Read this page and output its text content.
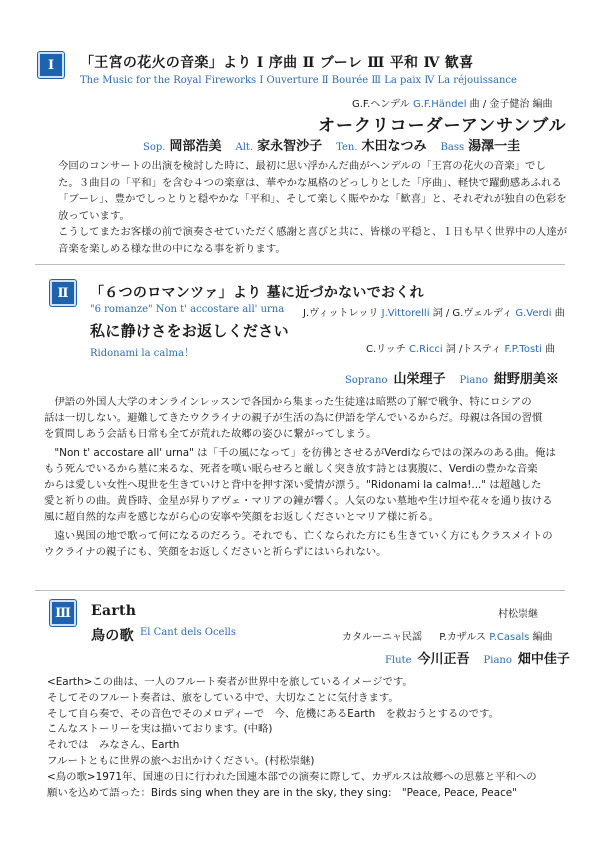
Ⅰ	「王宮の花火の音楽」より Ⅰ 序曲 Ⅱ ブーレ Ⅲ 平和 Ⅳ 歓喜
The Music for the Royal Fireworks Ⅰ Ouverture Ⅱ Bourée Ⅲ La paix Ⅳ La réjouissance
G.F.ヘンデル G.F.Händel 曲 / 金子健治 編曲
オークリコーダーアンサンブル
Sop. 岡部浩美 Alt. 家永智沙子 Ten. 木田なつみ Bass 湯澤一圭

今回のコンサートの出演を検討した時に、最初に思い浮かんだ曲がヘンデルの「王宮の花火の音楽」でし

た。３曲目の「平和」を含む４つの楽章は、華やかな風格のどっしりとした「序曲」、軽快で躍動感あふれる

「ブーレ」、豊かでしっとりと穏やかな「平和」、そして楽しく賑やかな「歓喜」と、それぞれが独自の色彩を

放っています。

こうしてまたお客様の前で演奏させていただく感謝と喜びと共に、皆様の平穏と、１日も早く世界中の人達が

音楽を楽しめる様な世の中になる事を祈ります。

Ⅱ	「６つのロマンツァ」より 墓に近づかないでおくれ
"6 romanze" Non t' accostare all' urna J.ヴィットレッリ J.Vittorelli 詞 / G.ヴェルディ G.Verdi 曲
私に静けさをお返しください
Ridonami la calma！	C.リッチ C.Ricci 詞 /トスティ F.P.Tosti 曲
Soprano 山栄理子 Piano 紺野朋美※

　伊語の外国人大学のオンラインレッスンで各国から集まった生徒達は暗黙の了解で戦争、特にロシアの

話は一切しない。避難してきたウクライナの親子が生活の為に伊語を学んでいるからだ。母親は各国の習慣

を質問しあう会話も日常も全てが荒れた故郷の姿ひに繋がってしまう。

　"Non t' accostare all' urna" は「千の風になって」を彷彿とさせるがVerdiならではの深みのある曲。俺は

もう死んでいるから墓に来るな、死者を嘆い眠らせろと厳しく突き放す詩とは裏腹に、Verdiの豊かな音楽

からは愛しい女性へ現世を生きていけと背中を押す深い愛情が漂う。"Ridonami la calma!..." は超越した

愛と祈りの曲。黄昏時、金星が昇りアヴェ・マリアの鐘が響く。人気のない墓地や生け垣や花々を通り抜ける

風に超自然的な声を感じながら心の安寧や笑顔をお返しくださいとマリア様に祈る。

　遠い異国の地で歌って何になるのだろう。それでも、亡くなられた方にも生きていく方にもクラスメイトの

ウクライナの親子にも、笑顔をお返しくださいと祈らずにはいられない。

Ⅲ	Earth	村松崇継
鳥の歌 El Cant dels Ocells	カタルーニャ民謡 P.カザルス P.Casals 編曲
Flute 今川正吾 Piano 畑中佳子

<Earth>この曲は、一人のフルート奏者が世界中を旅しているイメージです。

そしてそのフルート奏者は、旅をしている中で、大切なことに気付きます。

そして自ら奏で、その音色でそのメロディーで　今、危機にあるEarth　を救おうとするのです。

こんなストーリーを実は描いております。(中略)

それでは　みなさん、Earth

フルートともに世界の旅へお出かけください。(村松崇継)

<鳥の歌>1971年、国連の日に行われた国連本部での演奏に際して、カザルスは故郷への思慕と平和への

願いを込めて語った：Birds sing when they are in the sky, they sing:　"Peace, Peace, Peace"
